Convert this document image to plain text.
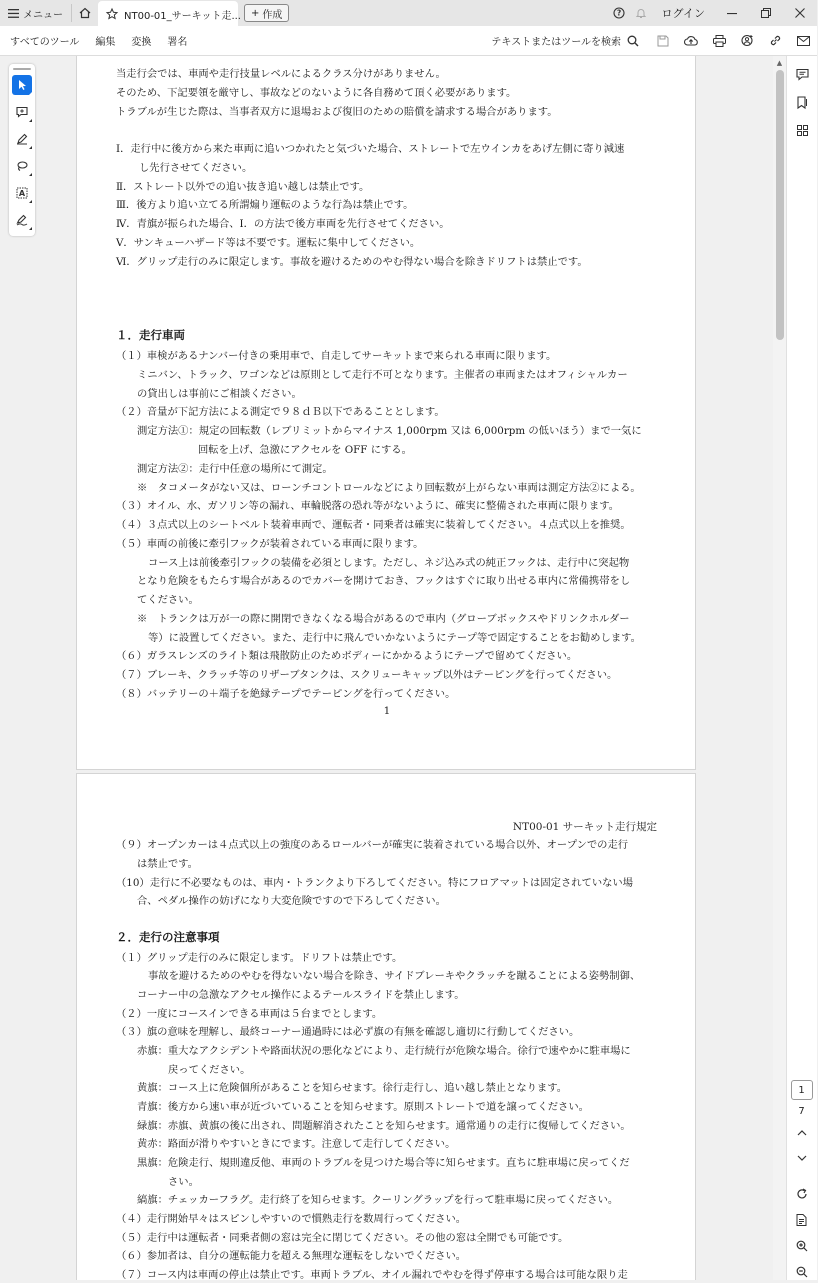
メニュー	NT00-01_サーキット走... + 作成	?	ログイン
すべてのツール	編集	変換	署名	テキストまたはツールを検索
A
当走行会では、車両や走行技量レベルによるクラス分けがありません。
そのため、下記要領を厳守し、事故などのないように各自務めて頂く必要があります。
トラブルが生じた際は、当事者双方に退場および復旧のための賠償を請求する場合があります。
Ⅰ．走行中に後方から来た車両に追いつかれたと気づいた場合、ストレートで左ウインカをあげ左側に寄り減速
し先行させてください。
Ⅱ．ストレート以外での追い抜き追い越しは禁止です。
Ⅲ．後方より追い立てる所謂煽り運転のような行為は禁止です。
Ⅳ．青旗が振られた場合、Ⅰ．の方法で後方車両を先行させてください。
Ⅴ．サンキューハザード等は不要です。運転に集中してください。
Ⅵ．グリップ走行のみに限定します。事故を避けるためのやむ得ない場合を除きドリフトは禁止です。
１．走行車両
（１）車検があるナンバー付きの乗用車で、自走してサーキットまで来られる車両に限ります。
ミニバン、トラック、ワゴンなどは原則として走行不可となります。主催者の車両またはオフィシャルカー
の貸出しは事前にご相談ください。
（２）音量が下記方法による測定で９８ｄＢ以下であることとします。
測定方法①：規定の回転数（レブリミットからマイナス 1,000rpm 又は 6,000rpm の低いほう）まで一気に
回転を上げ、急激にアクセルを OFF にする。
測定方法②：走行中任意の場所にて測定。
※　タコメータがない又は、ローンチコントロールなどにより回転数が上がらない車両は測定方法②による。
（３）オイル、水、ガソリン等の漏れ、車輪脱落の恐れ等がないように、確実に整備された車両に限ります。
（４）３点式以上のシートベルト装着車両で、運転者・同乗者は確実に装着してください。４点式以上を推奨。
（５）車両の前後に牽引フックが装着されている車両に限ります。
コース上は前後牽引フックの装備を必須とします。ただし、ネジ込み式の純正フックは、走行中に突起物
となり危険をもたらす場合があるのでカバーを開けておき、フックはすぐに取り出せる車内に常備携帯をし
てください。
※　トランクは万が一の際に開閉できなくなる場合があるので車内（グローブボックスやドリンクホルダー
等）に設置してください。また、走行中に飛んでいかないようにテープ等で固定することをお勧めします。
（６）ガラスレンズのライト類は飛散防止のためボディーにかかるようにテープで留めてください。
（７）ブレーキ、クラッチ等のリザーブタンクは、スクリューキャップ以外はテーピングを行ってください。
（８）バッテリーの＋端子を絶縁テープでテーピングを行ってください。
1
NT00-01 サーキット走行規定
（９）オープンカーは４点式以上の強度のあるロールバーが確実に装着されている場合以外、オープンでの走行
は禁止です。
（10）走行に不必要なものは、車内・トランクより下ろしてください。特にフロアマットは固定されていない場
合、ペダル操作の妨げになり大変危険ですので下ろしてください。
２．走行の注意事項
（１）グリップ走行のみに限定します。ドリフトは禁止です。
事故を避けるためのやむを得ないない場合を除き、サイドブレーキやクラッチを蹴ることによる姿勢制御、
コーナー中の急激なアクセル操作によるテールスライドを禁止します。
（２）一度にコースインできる車両は５台までとします。
（３）旗の意味を理解し、最終コーナー通過時には必ず旗の有無を確認し適切に行動してください。
赤旗：重大なアクシデントや路面状況の悪化などにより、走行続行が危険な場合。徐行で速やかに駐車場に
戻ってください。
黄旗：コース上に危険個所があることを知らせます。徐行走行し、追い越し禁止となります。
青旗：後方から速い車が近づいていることを知らせます。原則ストレートで道を譲ってください。
緑旗：赤旗、黄旗の後に出され、問題解消されたことを知らせます。通常通りの走行に復帰してください。
黄赤：路面が滑りやすいときにでます。注意して走行してください。
黒旗：危険走行、規則違反他、車両のトラブルを見つけた場合等に知らせます。直ちに駐車場に戻ってくだ
さい。
縞旗：チェッカーフラグ。走行終了を知らせます。クーリングラップを行って駐車場に戻ってください。
（４）走行開始早々はスピンしやすいので慣熟走行を数周行ってください。
（５）走行中は運転者・同乗者側の窓は完全に閉じてください。その他の窓は全開でも可能です。
（６）参加者は、自分の運転能力を超える無理な運転をしないでください。
（７）コース内は車両の停止は禁止です。車両トラブル、オイル漏れでやむを得ず停車する場合は可能な限り走
▲
1
7
